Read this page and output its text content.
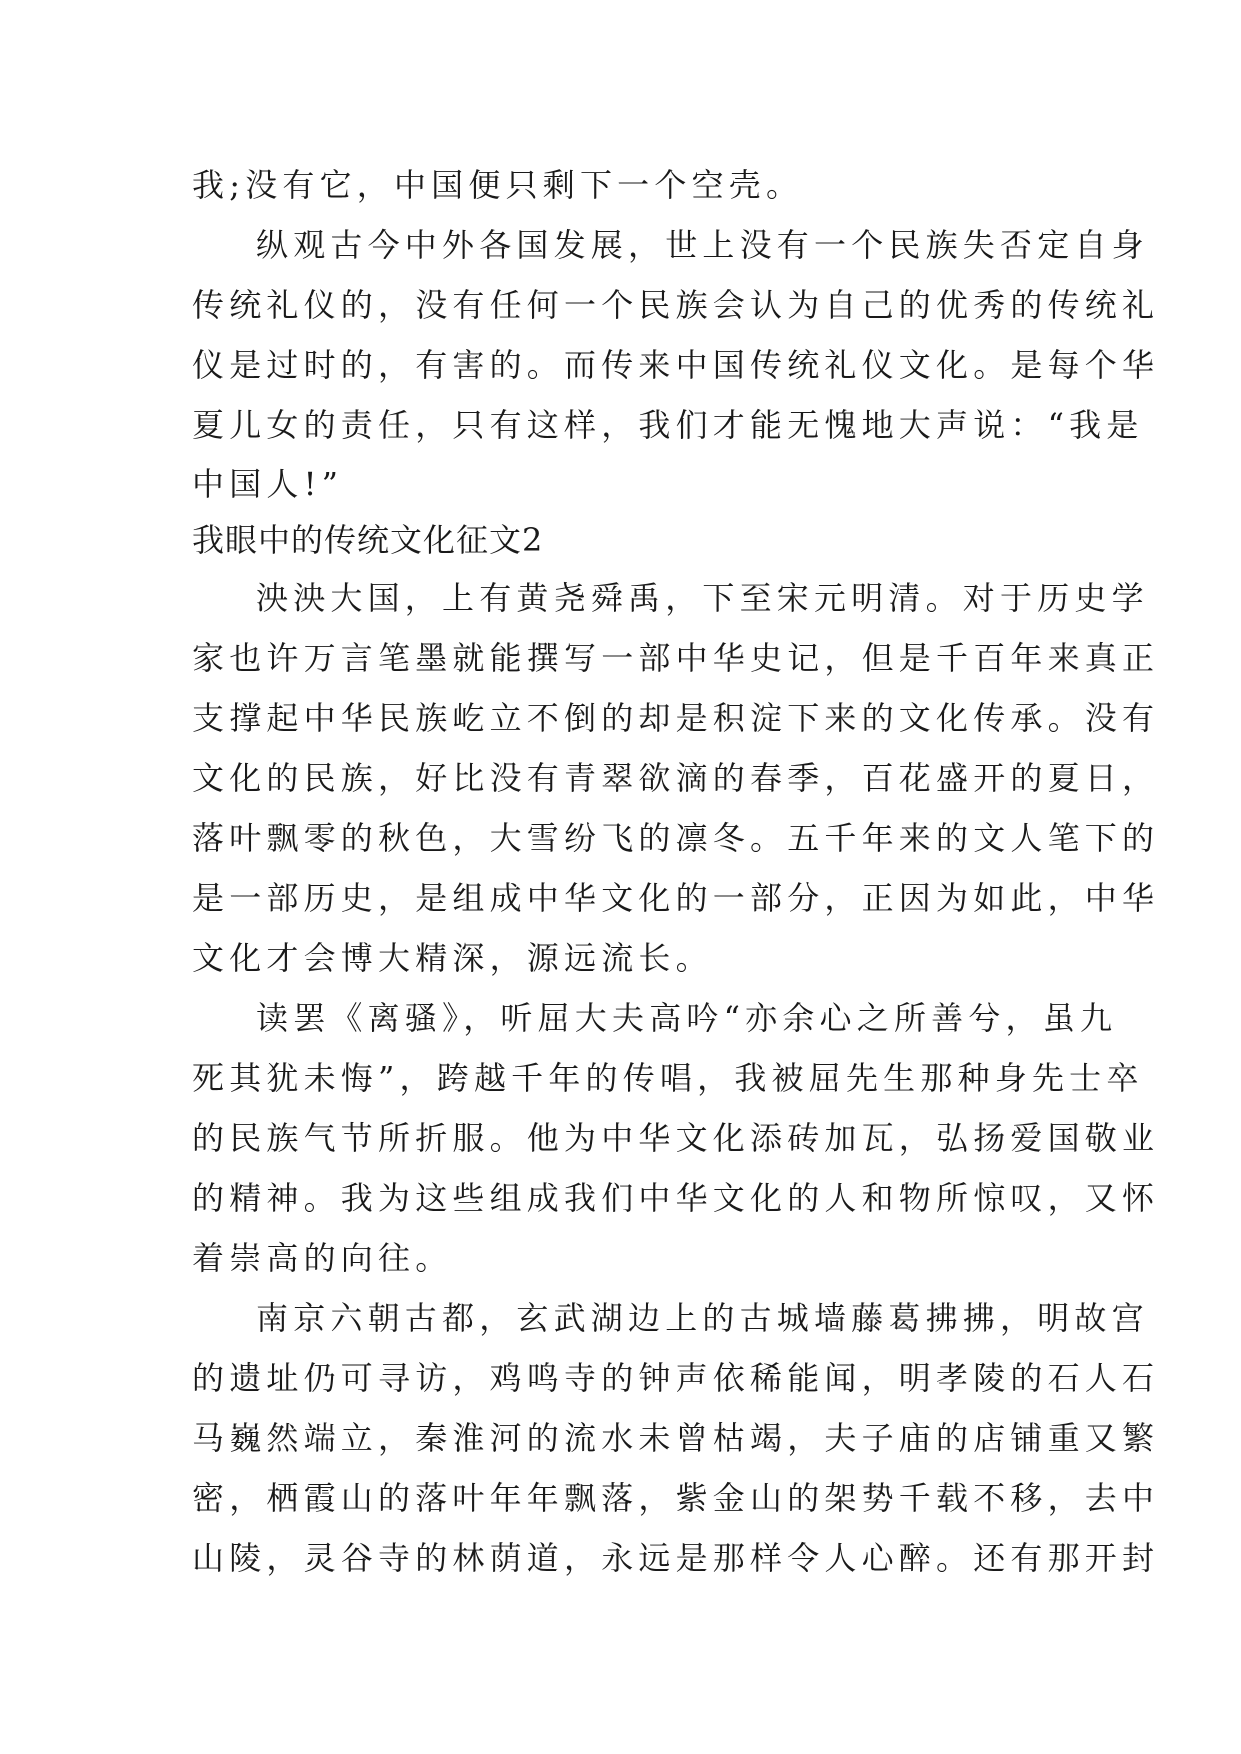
我;没有它，中国便只剩下一个空壳。
纵观古今中外各国发展，世上没有一个民族失否定自身
传统礼仪的，没有任何一个民族会认为自己的优秀的传统礼
仪是过时的，有害的。而传来中国传统礼仪文化。是每个华
夏儿女的责任，只有这样，我们才能无愧地大声说：“我是
中国人!”
我眼中的传统文化征文2
泱泱大国，上有黄尧舜禹，下至宋元明清。对于历史学
家也许万言笔墨就能撰写一部中华史记，但是千百年来真正
支撑起中华民族屹立不倒的却是积淀下来的文化传承。没有
文化的民族，好比没有青翠欲滴的春季，百花盛开的夏日，
落叶飘零的秋色，大雪纷飞的凛冬。五千年来的文人笔下的
是一部历史，是组成中华文化的一部分，正因为如此，中华
文化才会博大精深，源远流长。
读罢《离骚》，听屈大夫高吟“亦余心之所善兮，虽九
死其犹未悔”，跨越千年的传唱，我被屈先生那种身先士卒
的民族气节所折服。他为中华文化添砖加瓦，弘扬爱国敬业
的精神。我为这些组成我们中华文化的人和物所惊叹，又怀
着崇高的向往。
南京六朝古都，玄武湖边上的古城墙藤葛拂拂，明故宫
的遗址仍可寻访，鸡鸣寺的钟声依稀能闻，明孝陵的石人石
马巍然端立，秦淮河的流水未曾枯竭，夫子庙的店铺重又繁
密，栖霞山的落叶年年飘落，紫金山的架势千载不移，去中
山陵，灵谷寺的林荫道，永远是那样令人心醉。还有那开封
